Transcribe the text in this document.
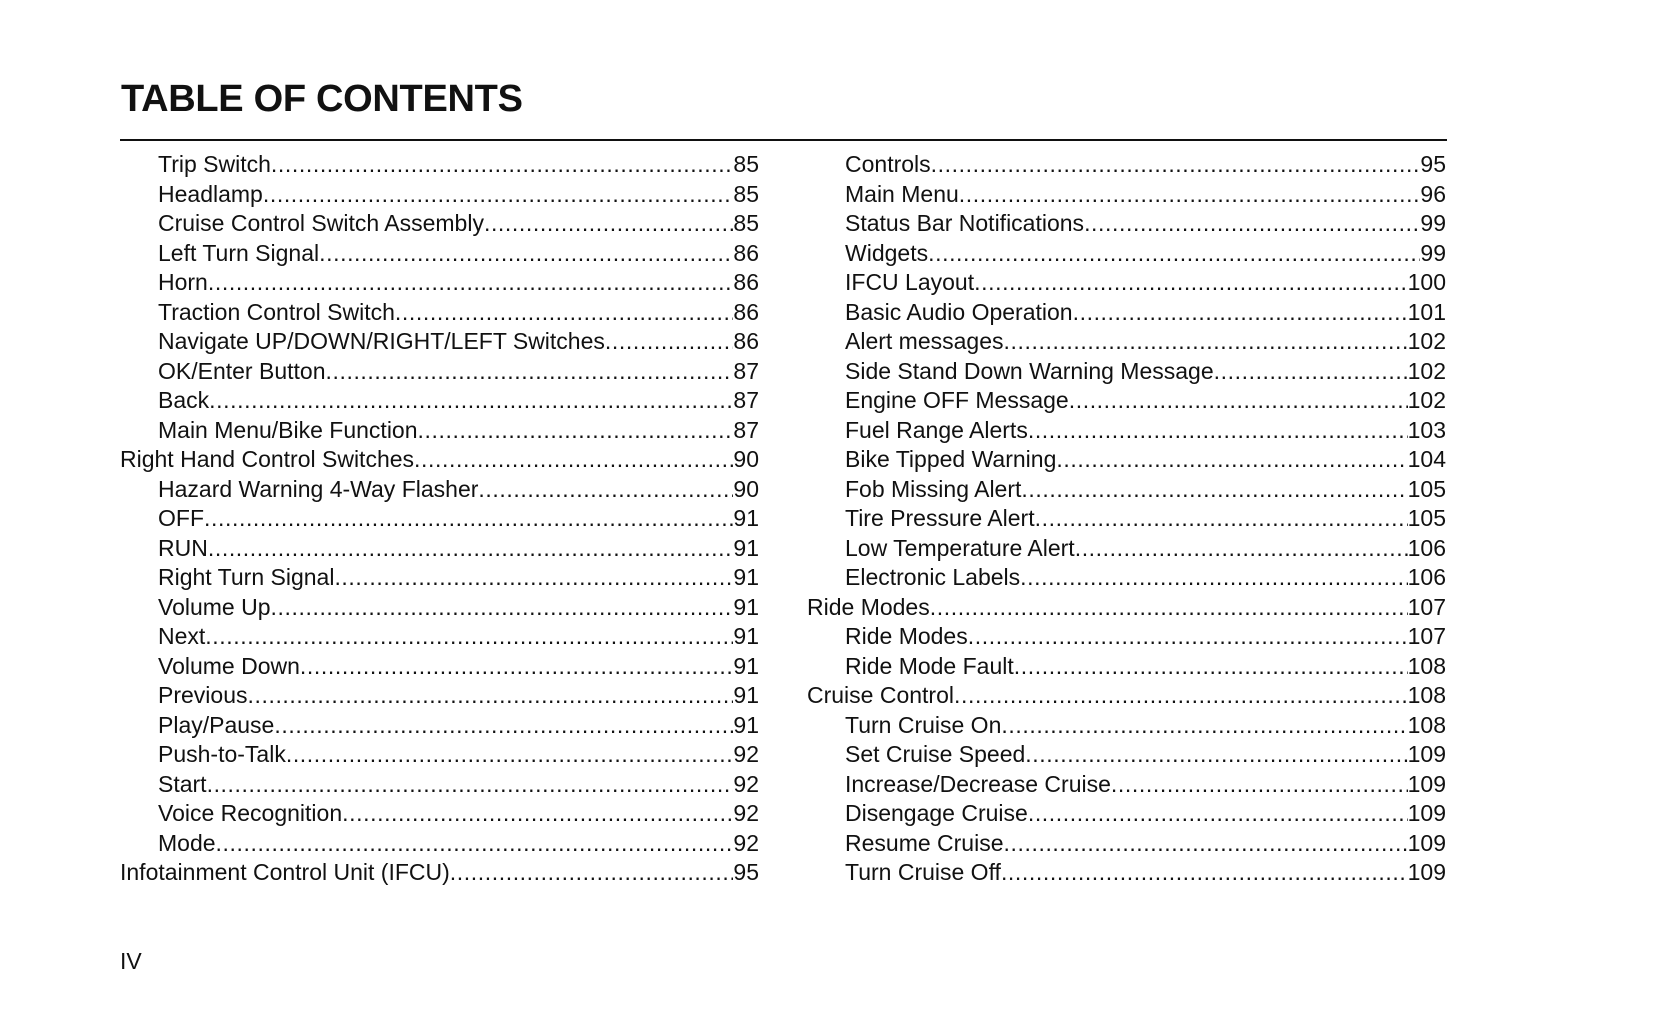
TABLE OF CONTENTS
Trip Switch .....	85
Headlamp .....	85
Cruise Control Switch Assembly .....	85
Left Turn Signal .....	86
Horn .....	86
Traction Control Switch .....	86
Navigate UP/DOWN/RIGHT/LEFT Switches .....	86
OK/Enter Button .....	87
Back .....	87
Main Menu/Bike Function .....	87
Right Hand Control Switches .....	90
Hazard Warning 4-Way Flasher .....	90
OFF .....	91
RUN .....	91
Right Turn Signal .....	91
Volume Up .....	91
Next .....	91
Volume Down .....	91
Previous .....	91
Play/Pause .....	91
Push-to-Talk .....	92
Start .....	92
Voice Recognition .....	92
Mode .....	92
Infotainment Control Unit (IFCU) .....	95
Controls .....	95
Main Menu .....	96
Status Bar Notifications .....	99
Widgets .....	99
IFCU Layout .....	100
Basic Audio Operation .....	101
Alert messages .....	102
Side Stand Down Warning Message .....	102
Engine OFF Message .....	102
Fuel Range Alerts .....	103
Bike Tipped Warning .....	104
Fob Missing Alert .....	105
Tire Pressure Alert .....	105
Low Temperature Alert .....	106
Electronic Labels .....	106
Ride Modes .....	107
Ride Modes .....	107
Ride Mode Fault .....	108
Cruise Control .....	108
Turn Cruise On .....	108
Set Cruise Speed .....	109
Increase/Decrease Cruise .....	109
Disengage Cruise .....	109
Resume Cruise .....	109
Turn Cruise Off .....	109
IV
